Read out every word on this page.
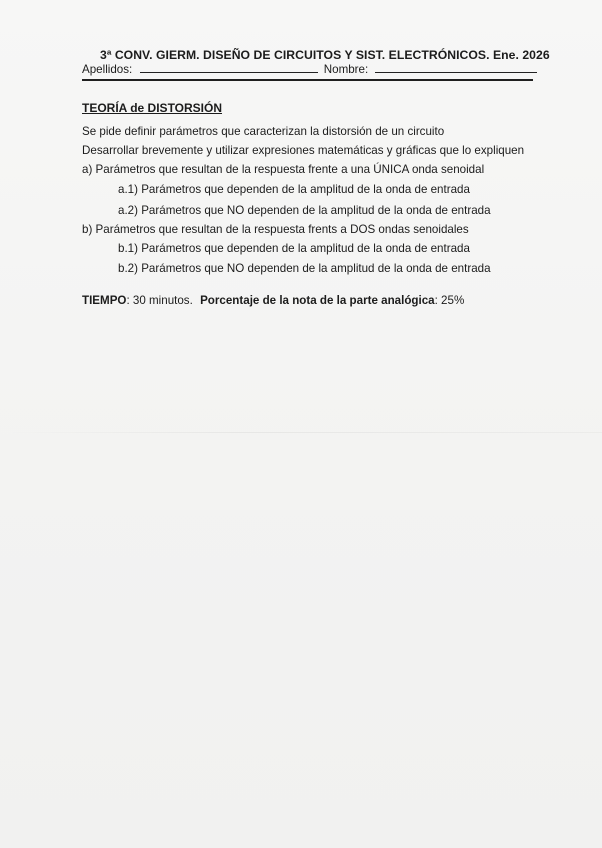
3ª CONV. GIERM. DISEÑO DE CIRCUITOS Y SIST. ELECTRÓNICOS. Ene. 2026
Apellidos:	Nombre:
TEORÍA de DISTORSIÓN
Se pide definir parámetros que caracterizan la distorsión de un circuito
Desarrollar brevemente y utilizar expresiones matemáticas y gráficas que lo expliquen
a) Parámetros que resultan de la respuesta frente a una ÚNICA onda senoidal
a.1) Parámetros que dependen de la amplitud de la onda de entrada
a.2) Parámetros que NO dependen de la amplitud de la onda de entrada
b) Parámetros que resultan de la respuesta frents a DOS ondas senoidales
b.1) Parámetros que dependen de la amplitud de la onda de entrada
b.2) Parámetros que NO dependen de la amplitud de la onda de entrada
TIEMPO: 30 minutos. Porcentaje de la nota de la parte analógica: 25%
